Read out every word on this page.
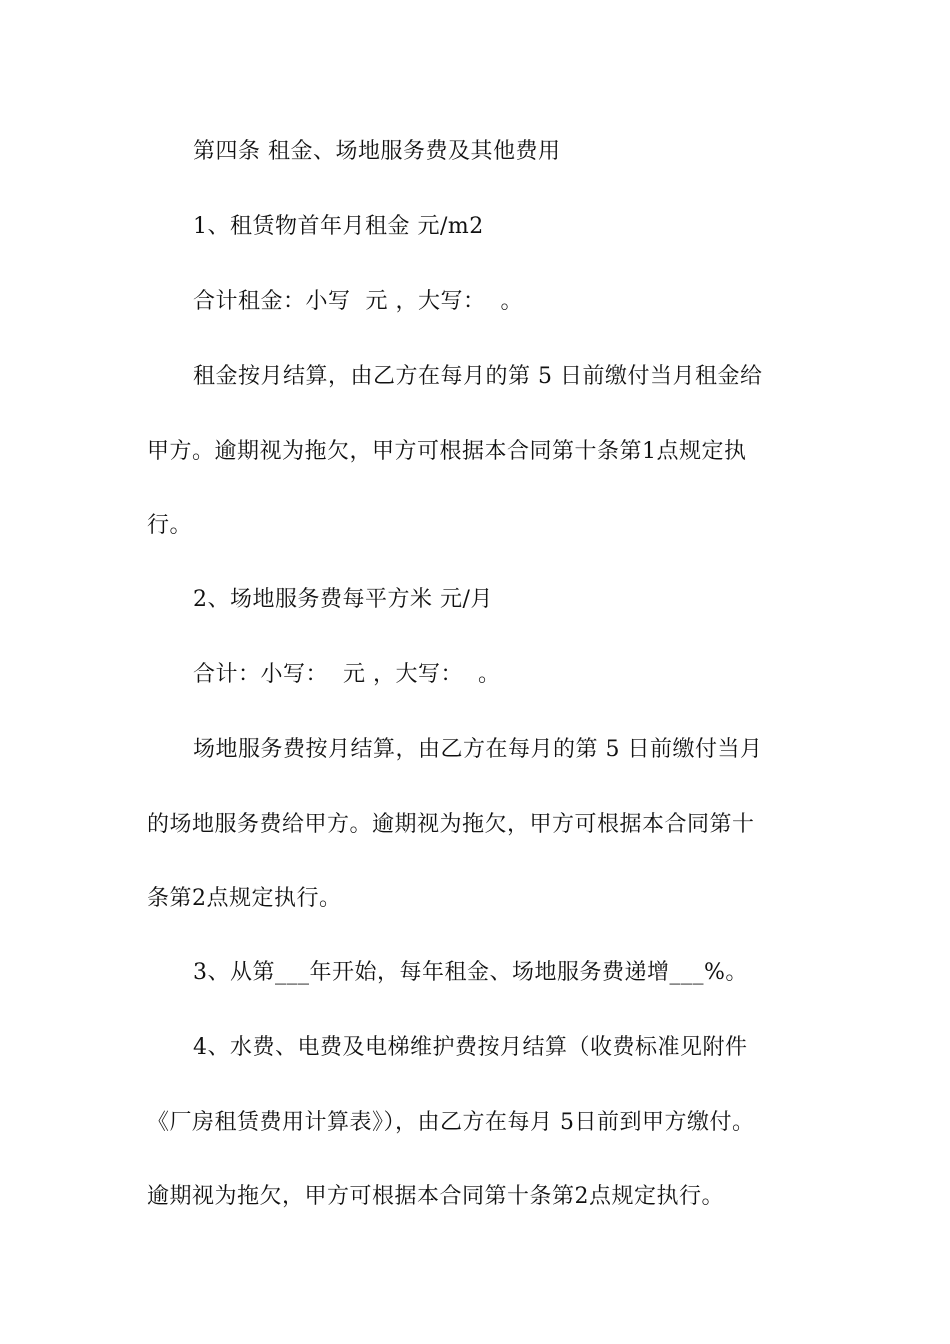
第四条 租金、场地服务费及其他费用
1、租赁物首年月租金 元/m2
合计租金：小写  元 ，大写：  。
租金按月结算，由乙方在每月的第 5 日前缴付当月租金给
甲方。逾期视为拖欠，甲方可根据本合同第十条第1点规定执
行。
2、场地服务费每平方米 元/月
合计：小写：  元 ，大写：  。
场地服务费按月结算，由乙方在每月的第 5 日前缴付当月
的场地服务费给甲方。逾期视为拖欠，甲方可根据本合同第十
条第2点规定执行。
3、从第___年开始，每年租金、场地服务费递增___%。
4、水费、电费及电梯维护费按月结算（收费标准见附件
《厂房租赁费用计算表》），由乙方在每月 5日前到甲方缴付。
逾期视为拖欠，甲方可根据本合同第十条第2点规定执行。
